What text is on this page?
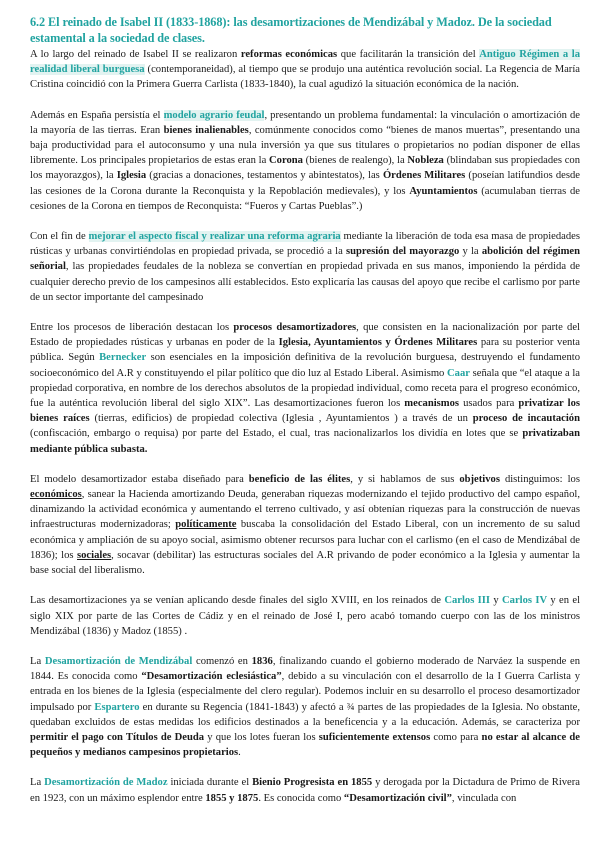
6.2 El reinado de Isabel II (1833-1868): las desamortizaciones de Mendizábal y Madoz. De la sociedad estamental a la sociedad de clases.

A lo largo del reinado de Isabel II se realizaron reformas económicas que facilitarán la transición del Antiguo Régimen a la realidad liberal burguesa (contemporaneidad), al tiempo que se produjo una auténtica revolución social. La Regencia de María Cristina coincidió con la Primera Guerra Carlista (1833-1840), la cual agudizó la situación económica de la nación.

Además en España persistía el modelo agrario feudal, presentando un problema fundamental: la vinculación o amortización de la mayoría de las tierras. Eran bienes inalienables, comúnmente conocidos como “bienes de manos muertas”, presentando una baja productividad para el autoconsumo y una nula inversión ya que sus titulares o propietarios no podían disponer de ellas libremente. Los principales propietarios de estas eran la Corona (bienes de realengo), la Nobleza (blindaban sus propiedades con los mayorazgos), la Iglesia (gracias a donaciones, testamentos y abintestatos), las Órdenes Militares (poseían latifundios desde las cesiones de la Corona durante la Reconquista y la Repoblación medievales), y los Ayuntamientos (acumulaban tierras de cesiones de la Corona en tiempos de Reconquista: “Fueros y Cartas Pueblas”.)

Con el fin de mejorar el aspecto fiscal y realizar una reforma agraria mediante la liberación de toda esa masa de propiedades rústicas y urbanas convirtiéndolas en propiedad privada, se procedió a la supresión del mayorazgo y la abolición del régimen señorial, las propiedades feudales de la nobleza se convertían en propiedad privada en sus manos, imponiendo la pérdida de cualquier derecho previo de los campesinos allí establecidos. Esto explicaría las causas del apoyo que recibe el carlismo por parte de un sector importante del campesinado

Entre los procesos de liberación destacan los procesos desamortizadores, que consisten en la nacionalización por parte del Estado de propiedades rústicas y urbanas en poder de la Iglesia, Ayuntamientos y Órdenes Militares para su posterior venta pública. Según Bernecker son esenciales en la imposición definitiva de la revolución burguesa, destruyendo el fundamento socioeconómico del A.R y constituyendo el pilar político que dio luz al Estado Liberal. Asimismo Caar señala que “el ataque a la propiedad corporativa, en nombre de los derechos absolutos de la propiedad individual, como receta para el progreso económico, fue la auténtica revolución liberal del siglo XIX”. Las desamortizaciones fueron los mecanismos usados para privatizar los bienes raíces (tierras, edificios) de propiedad colectiva (Iglesia , Ayuntamientos ) a través de un proceso de incautación (confiscación, embargo o requisa) por parte del Estado, el cual, tras nacionalizarlos los dividía en lotes que se privatizaban mediante pública subasta.

El modelo desamortizador estaba diseñado para beneficio de las élites, y si hablamos de sus objetivos distinguimos: los económicos, sanear la Hacienda amortizando Deuda, generaban riquezas modernizando el tejido productivo del campo español, dinamizando la actividad económica y aumentando el terreno cultivado, y así obtenían riquezas para la construcción de nuevas infraestructuras modernizadoras; políticamente buscaba la consolidación del Estado Liberal, con un incremento de su salud económica y ampliación de su apoyo social, asimismo obtener recursos para luchar con el carlismo (en el caso de Mendizábal de 1836); los sociales, socavar (debilitar) las estructuras sociales del A.R privando de poder económico a la Iglesia y aumentar la base social del liberalismo.

Las desamortizaciones ya se venían aplicando desde finales del siglo XVIII, en los reinados de Carlos III y Carlos IV y en el siglo XIX por parte de las Cortes de Cádiz y en el reinado de José I, pero acabó tomando cuerpo con las de los ministros Mendizábal (1836) y Madoz (1855) .

La Desamortización de Mendizábal comenzó en 1836, finalizando cuando el gobierno moderado de Narváez la suspende en 1844. Es conocida como “Desamortización eclesiástica”, debido a su vinculación con el desarrollo de la I Guerra Carlista y entrada en los bienes de la Iglesia (especialmente del clero regular). Podemos incluir en su desarrollo el proceso desamortizador impulsado por Espartero en durante su Regencia (1841-1843) y afectó a ¾ partes de las propiedades de la Iglesia. No obstante, quedaban excluidos de estas medidas los edificios destinados a la beneficencia y a la educación. Además, se caracteriza por permitir el pago con Títulos de Deuda y que los lotes fueran los suficientemente extensos como para no estar al alcance de pequeños y medianos campesinos propietarios.

La Desamortización de Madoz iniciada durante el Bienio Progresista en 1855 y derogada por la Dictadura de Primo de Rivera en 1923, con un máximo esplendor entre 1855 y 1875. Es conocida como “Desamortización civil”, vinculada con
